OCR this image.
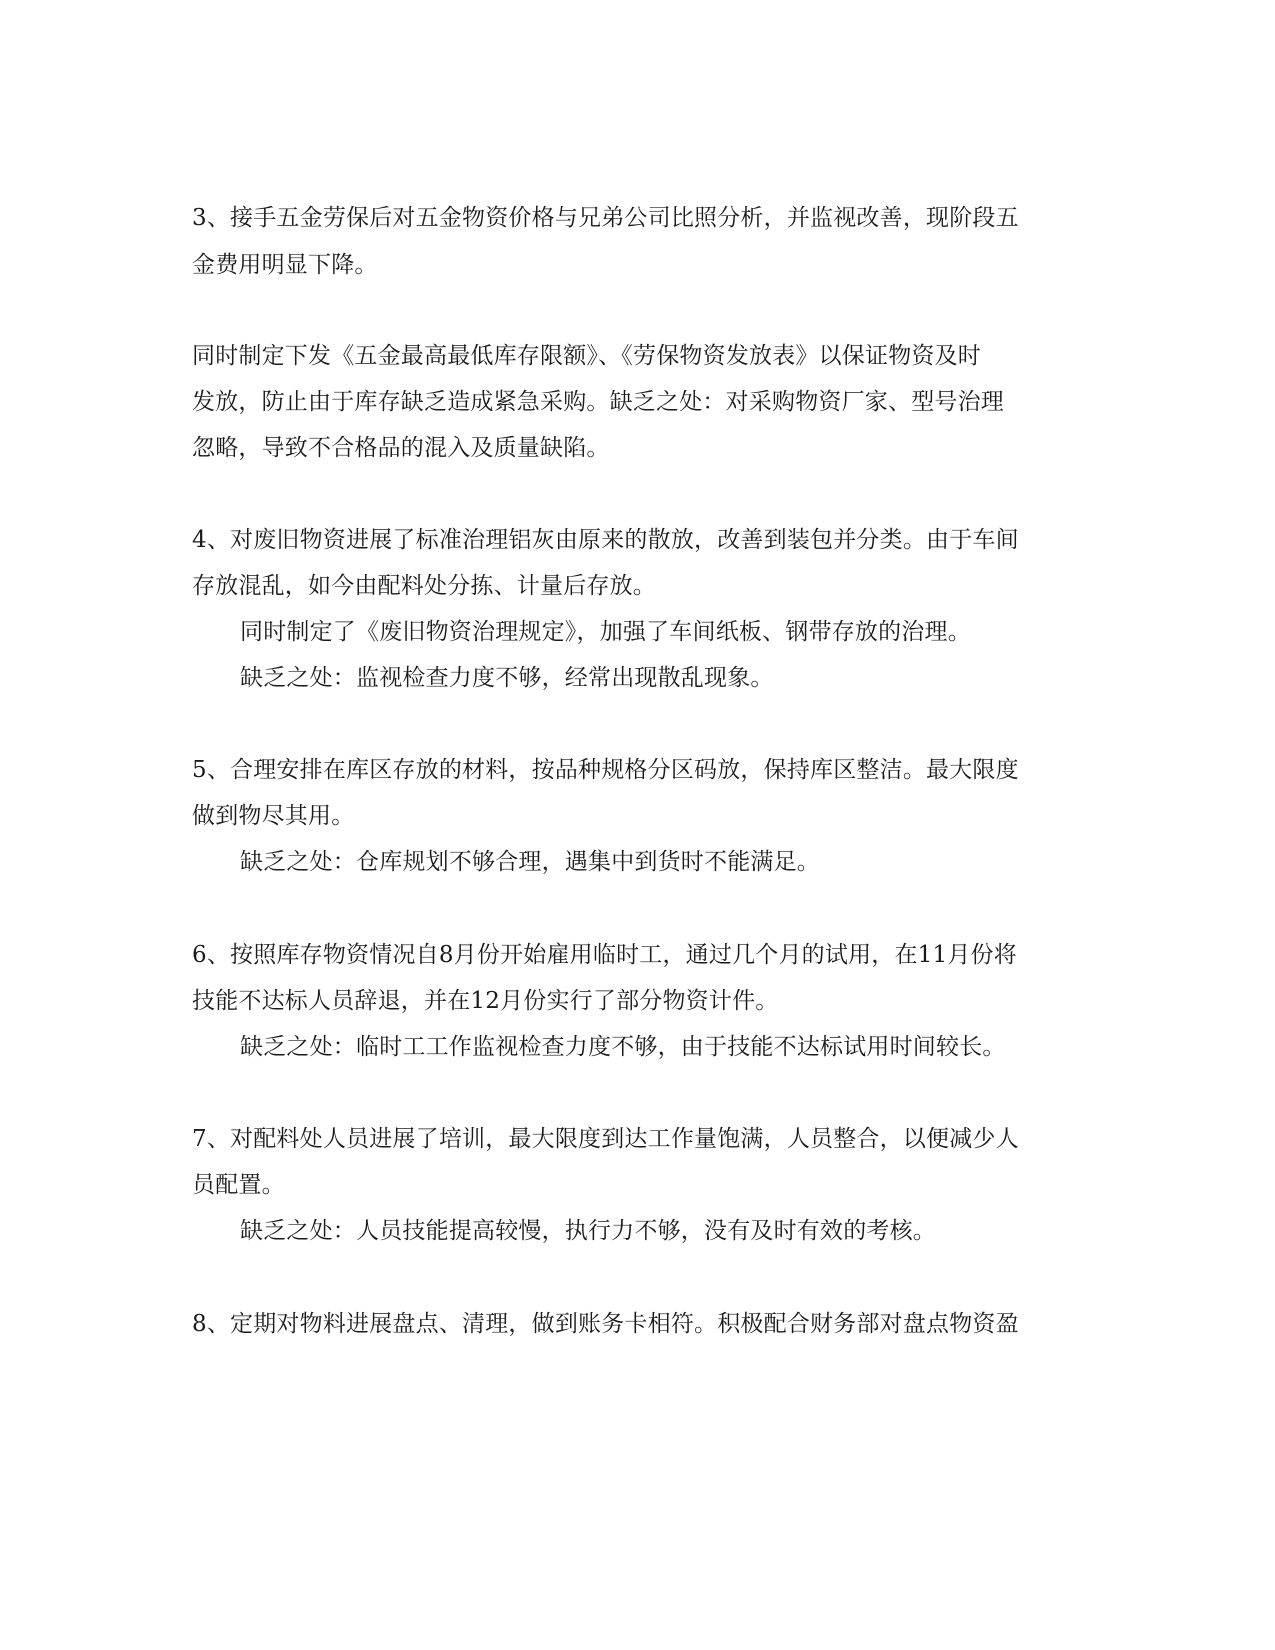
3、接手五金劳保后对五金物资价格与兄弟公司比照分析，并监视改善，现阶段五
金费用明显下降。
同时制定下发《五金最高最低库存限额》、《劳保物资发放表》以保证物资及时
发放，防止由于库存缺乏造成紧急采购。缺乏之处：对采购物资厂家、型号治理
忽略，导致不合格品的混入及质量缺陷。
4、对废旧物资进展了标准治理铝灰由原来的散放，改善到装包并分类。由于车间
存放混乱，如今由配料处分拣、计量后存放。
同时制定了《废旧物资治理规定》，加强了车间纸板、钢带存放的治理。
缺乏之处：监视检查力度不够，经常出现散乱现象。
5、合理安排在库区存放的材料，按品种规格分区码放，保持库区整洁。最大限度
做到物尽其用。
缺乏之处：仓库规划不够合理，遇集中到货时不能满足。
6、按照库存物资情况自8月份开始雇用临时工，通过几个月的试用，在11月份将
技能不达标人员辞退，并在12月份实行了部分物资计件。
缺乏之处：临时工工作监视检查力度不够，由于技能不达标试用时间较长。
7、对配料处人员进展了培训，最大限度到达工作量饱满，人员整合，以便减少人
员配置。
缺乏之处：人员技能提高较慢，执行力不够，没有及时有效的考核。
8、定期对物料进展盘点、清理，做到账务卡相符。积极配合财务部对盘点物资盈
